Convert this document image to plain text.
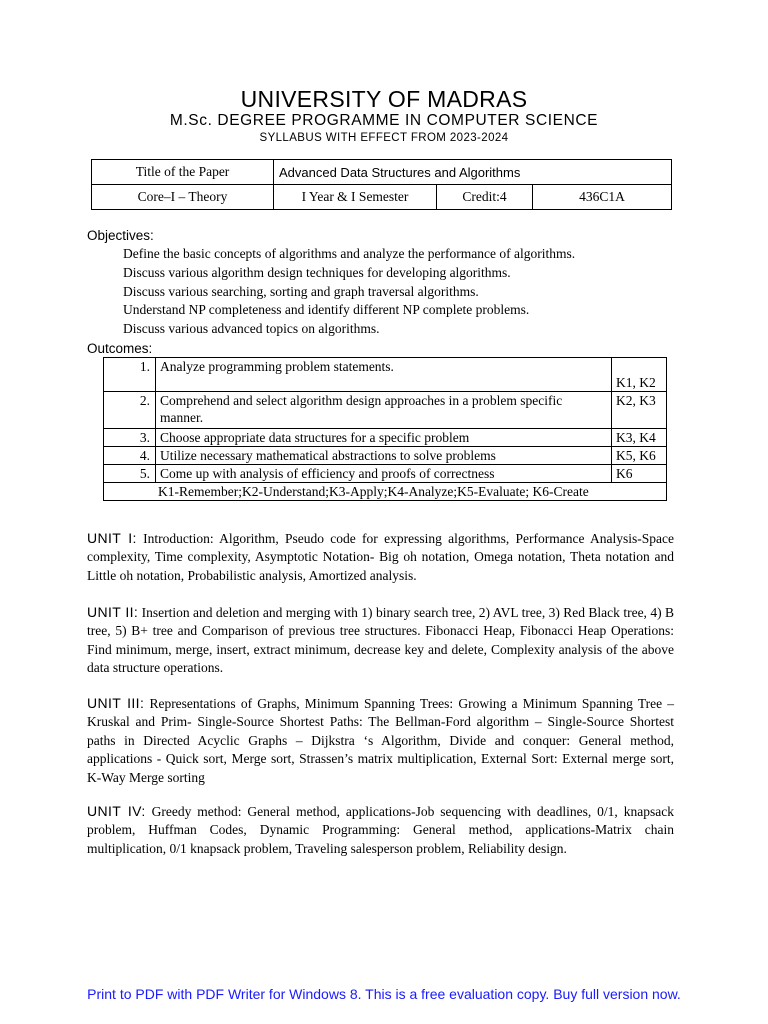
UNIVERSITY OF MADRAS
M.Sc. DEGREE PROGRAMME IN COMPUTER SCIENCE
SYLLABUS WITH EFFECT FROM 2023-2024
Title of the Paper	Advanced Data Structures and Algorithms		
Core–I – Theory	I Year & I Semester	Credit:4	436C1A
Objectives:
Define the basic concepts of algorithms and analyze the performance of algorithms.
Discuss various algorithm design techniques for developing algorithms.
Discuss various searching, sorting and graph traversal algorithms.
Understand NP completeness and identify different NP complete problems.
Discuss various advanced topics on algorithms.
Outcomes:
1.	Analyze programming problem statements.	K1, K2
2.	Comprehend and select algorithm design approaches in a problem specific manner.	K2, K3
3.	Choose appropriate data structures for a specific problem	K3, K4
4.	Utilize necessary mathematical abstractions to solve problems	K5, K6
5.	Come up with analysis of efficiency and proofs of correctness	K6
K1-Remember;K2-Understand;K3-Apply;K4-Analyze;K5-Evaluate; K6-Create		

UNIT I: Introduction: Algorithm, Pseudo code for expressing algorithms, Performance Analysis-Space complexity, Time complexity, Asymptotic Notation- Big oh notation, Omega notation, Theta notation and Little oh notation, Probabilistic analysis, Amortized analysis.

UNIT II: Insertion and deletion and merging with 1) binary search tree, 2) AVL tree, 3) Red Black tree, 4) B tree, 5) B+ tree and Comparison of previous tree structures. Fibonacci Heap, Fibonacci Heap Operations: Find minimum, merge, insert, extract minimum, decrease key and delete, Complexity analysis of the above data structure operations.

UNIT III: Representations of Graphs, Minimum Spanning Trees: Growing a Minimum Spanning Tree – Kruskal and Prim- Single-Source Shortest Paths: The Bellman-Ford algorithm – Single-Source Shortest paths in Directed Acyclic Graphs – Dijkstra ‘s Algorithm, Divide and conquer: General method, applications - Quick sort, Merge sort, Strassen’s matrix multiplication, External Sort: External merge sort, K-Way Merge sorting

UNIT IV: Greedy method: General method, applications-Job sequencing with deadlines, 0/1, knapsack problem, Huffman Codes, Dynamic Programming: General method, applications-Matrix chain multiplication, 0/1 knapsack problem, Traveling salesperson problem, Reliability design.

Print to PDF with PDF Writer for Windows 8. This is a free evaluation copy. Buy full version now.
